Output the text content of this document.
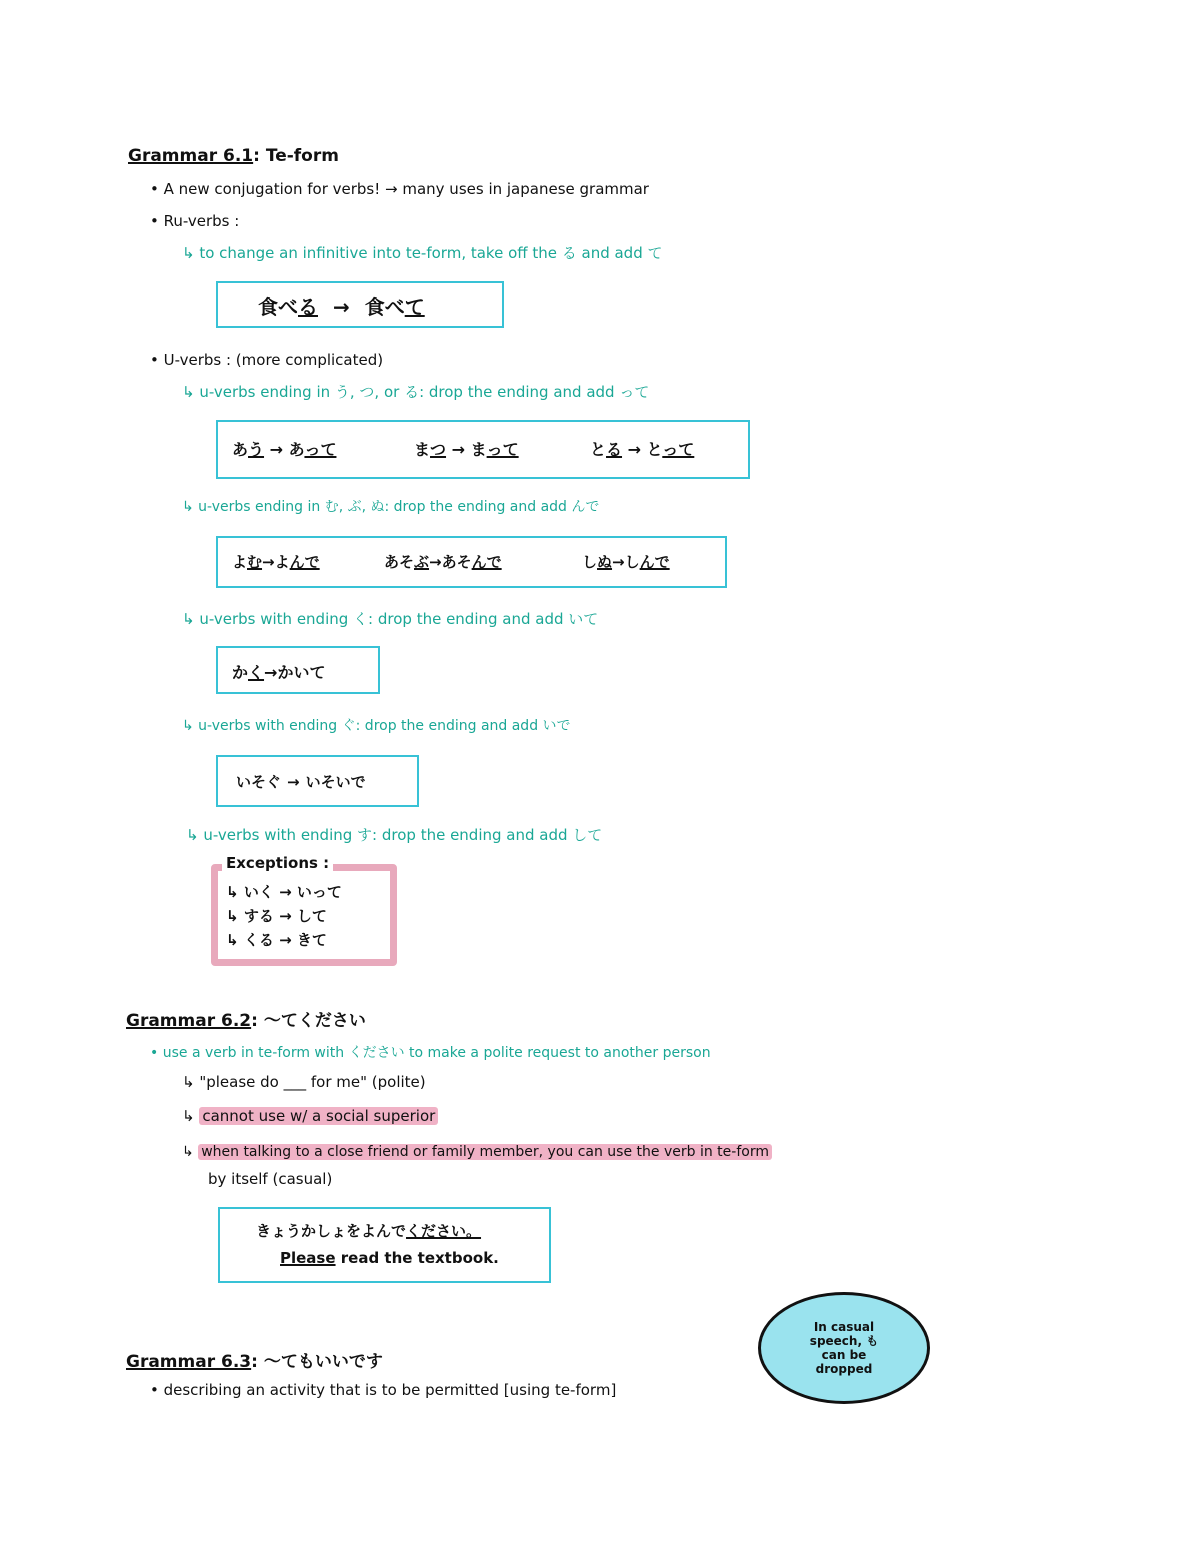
Grammar 6.1: Te-form
• A new conjugation for verbs! → many uses in japanese grammar
• Ru-verbs :
↳ to change an infinitive into te-form, take off the る and add て
食べる → 食べて
• U-verbs : (more complicated)
↳ u-verbs ending in う, つ, or る: drop the ending and add って
あう → あって	まつ → まって	とる → とって
↳ u-verbs ending in む, ぶ, ぬ: drop the ending and add んで
よむ→よんで	あそぶ→あそんで	しぬ→しんで
↳ u-verbs with ending く: drop the ending and add いて
かく→かいて
↳ u-verbs with ending ぐ: drop the ending and add いで
いそぐ → いそいで
↳ u-verbs with ending す: drop the ending and add して
Exceptions :
↳ いく → いって
↳ する → して
↳ くる → きて
Grammar 6.2: ～てください
• use a verb in te-form with ください to make a polite request to another person
↳ "please do ___ for me" (polite)
↳ cannot use w/ a social superior
↳ when talking to a close friend or family member, you can use the verb in te-form
by itself (casual)
きょうかしょをよんでください。
Please read the textbook.
Grammar 6.3: ～てもいいです
• describing an activity that is to be permitted [using te-form]
In casual speech, も can be dropped
